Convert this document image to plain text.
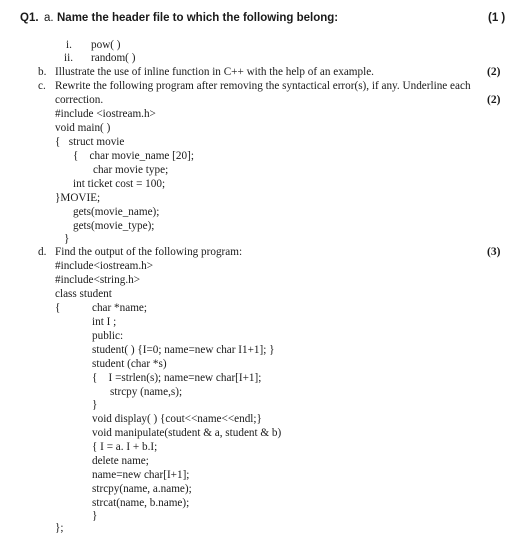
Q1. a. Name the header file to which the following belong:	(1 )
i. pow( )
ii. random( )
b. Illustrate the use of inline function in C++ with the help of an example.	(2)
c. Rewrite the following program after removing the syntactical error(s), if any. Underline each
correction.	(2)
#include <iostream.h>
void main( )
{   struct movie
{    char movie_name [20];
char movie type;
int ticket cost = 100;
}MOVIE;
gets(movie_name);
gets(movie_type);
}
d. Find the output of the following program:	(3)
#include<iostream.h>
#include<string.h>
class student
{	char *name;
int I ;
public:
student( ) {I=0; name=new char I1+1]; }
student (char *s)
{    I =strlen(s); name=new char[I+1];
strcpy (name,s);
}
void display( ) {cout<<name<<endl;}
void manipulate(student & a, student & b)
{ I = a. I + b.I;
delete name;
name=new char[I+1];
strcpy(name, a.name);
strcat(name, b.name);
}
};
